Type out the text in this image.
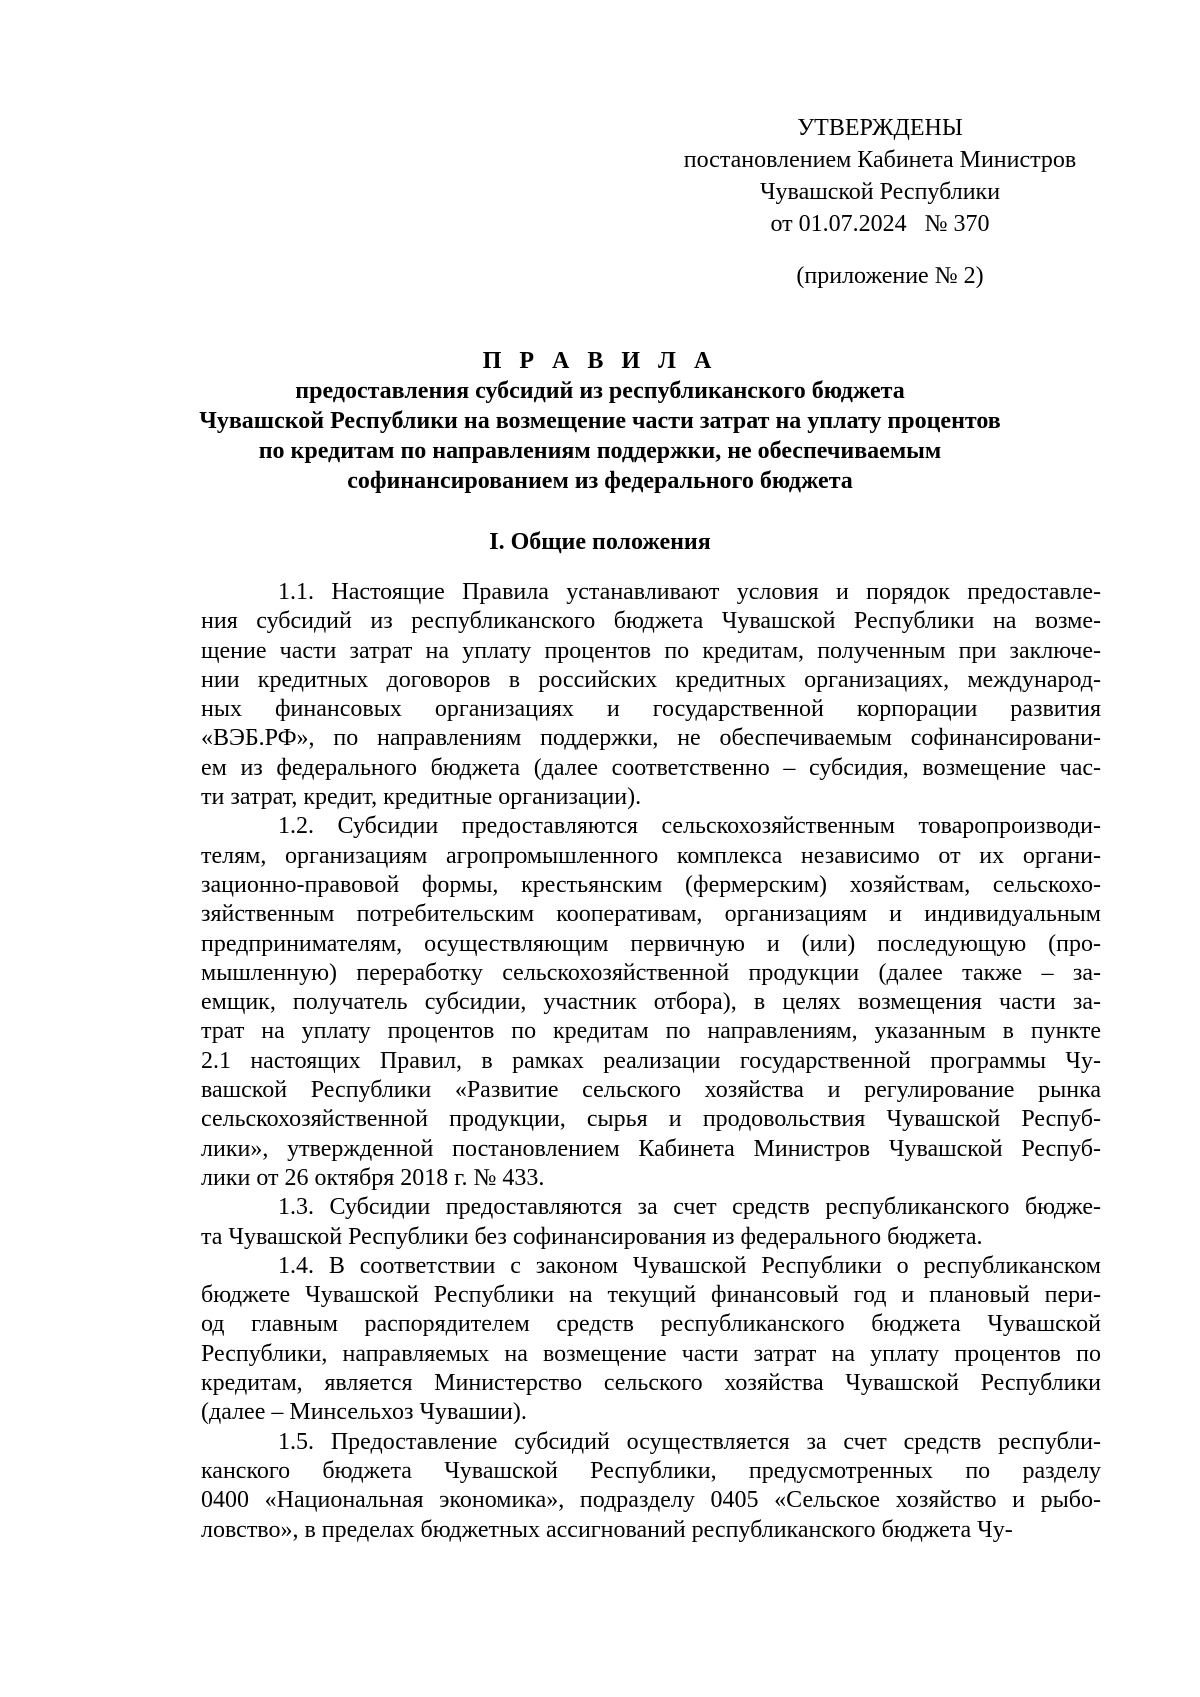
УТВЕРЖДЕНЫ
постановлением Кабинета Министров
Чувашской Республики
от 01.07.2024   № 370
(приложение № 2)
П Р А В И Л А
предоставления субсидий из республиканского бюджета
Чувашской Республики на возмещение части затрат на уплату процентов
по кредитам по направлениям поддержки, не обеспечиваемым
софинансированием из федерального бюджета
I. Общие положения
1.1. Настоящие Правила устанавливают условия и порядок предоставле-
ния субсидий из республиканского бюджета Чувашской Республики на возме-
щение части затрат на уплату процентов по кредитам, полученным при заключе-
нии кредитных договоров в российских кредитных организациях, международ-
ных финансовых организациях и государственной корпорации развития
«ВЭБ.РФ», по направлениям поддержки, не обеспечиваемым софинансировани-
ем из федерального бюджета (далее соответственно – субсидия, возмещение час-
ти затрат, кредит, кредитные организации).
1.2. Субсидии предоставляются сельскохозяйственным товаропроизводи-
телям, организациям агропромышленного комплекса независимо от их органи-
зационно-правовой формы, крестьянским (фермерским) хозяйствам, сельскохо-
зяйственным потребительским кооперативам, организациям и индивидуальным
предпринимателям, осуществляющим первичную и (или) последующую (про-
мышленную) переработку сельскохозяйственной продукции (далее также – за-
емщик, получатель субсидии, участник отбора), в целях возмещения части за-
трат на уплату процентов по кредитам по направлениям, указанным в пункте
2.1 настоящих Правил, в рамках реализации государственной программы Чу-
вашской Республики «Развитие сельского хозяйства и регулирование рынка
сельскохозяйственной продукции, сырья и продовольствия Чувашской Респуб-
лики», утвержденной постановлением Кабинета Министров Чувашской Респуб-
лики от 26 октября 2018 г. № 433.
1.3. Субсидии предоставляются за счет средств республиканского бюдже-
та Чувашской Республики без софинансирования из федерального бюджета.
1.4. В соответствии с законом Чувашской Республики о республиканском
бюджете Чувашской Республики на текущий финансовый год и плановый пери-
од главным распорядителем средств республиканского бюджета Чувашской
Республики, направляемых на возмещение части затрат на уплату процентов по
кредитам, является Министерство сельского хозяйства Чувашской Республики
(далее – Минсельхоз Чувашии).
1.5. Предоставление субсидий осуществляется за счет средств республи-
канского бюджета Чувашской Республики, предусмотренных по разделу
0400 «Национальная экономика», подразделу 0405 «Сельское хозяйство и рыбо-
ловство», в пределах бюджетных ассигнований республиканского бюджета Чу-
